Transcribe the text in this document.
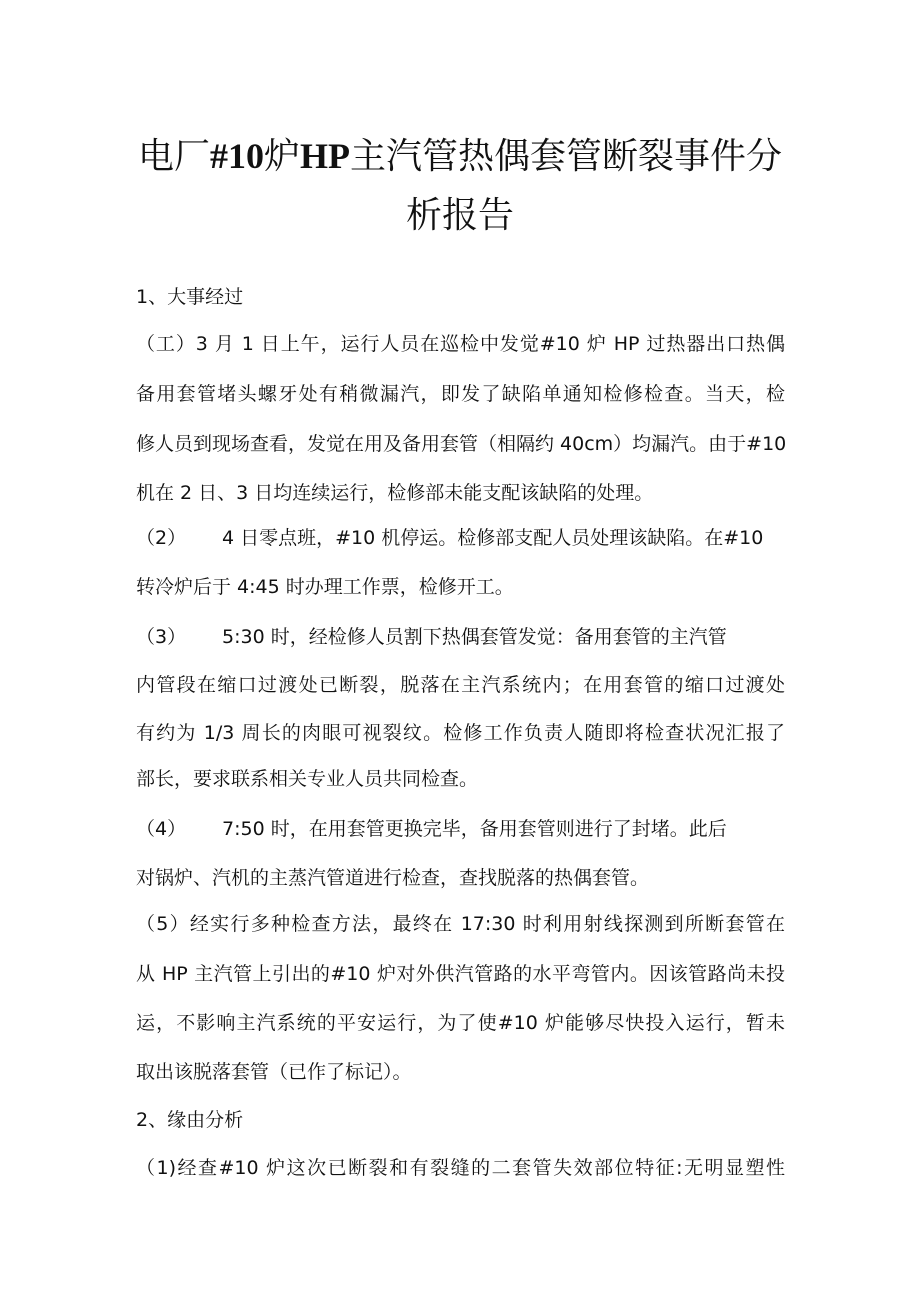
电厂#10炉HP主汽管热偶套管断裂事件分
析报告
1、大事经过
（工）3 月 1 日上午，运行人员在巡检中发觉#10 炉 HP 过热器出口热偶
备用套管堵头螺牙处有稍微漏汽，即发了缺陷单通知检修检查。当天，检
修人员到现场查看，发觉在用及备用套管（相隔约 40cm）均漏汽。由于#10
机在 2 日、3 日均连续运行，检修部未能支配该缺陷的处理。
（2） 4 日零点班，#10 机停运。检修部支配人员处理该缺陷。在#10
转冷炉后于 4:45 时办理工作票，检修开工。
（3） 5:30 时，经检修人员割下热偶套管发觉：备用套管的主汽管
内管段在缩口过渡处已断裂，脱落在主汽系统内；在用套管的缩口过渡处
有约为 1/3 周长的肉眼可视裂纹。检修工作负责人随即将检查状况汇报了
部长，要求联系相关专业人员共同检查。
（4） 7:50 时，在用套管更换完毕，备用套管则进行了封堵。此后
对锅炉、汽机的主蒸汽管道进行检查，查找脱落的热偶套管。
（5）经实行多种检查方法，最终在 17:30 时利用射线探测到所断套管在
从 HP 主汽管上引出的#10 炉对外供汽管路的水平弯管内。因该管路尚未投
运，不影响主汽系统的平安运行，为了使#10 炉能够尽快投入运行，暂未
取出该脱落套管（已作了标记）。
2、缘由分析
（1)经查#10 炉这次已断裂和有裂缝的二套管失效部位特征:无明显塑性
